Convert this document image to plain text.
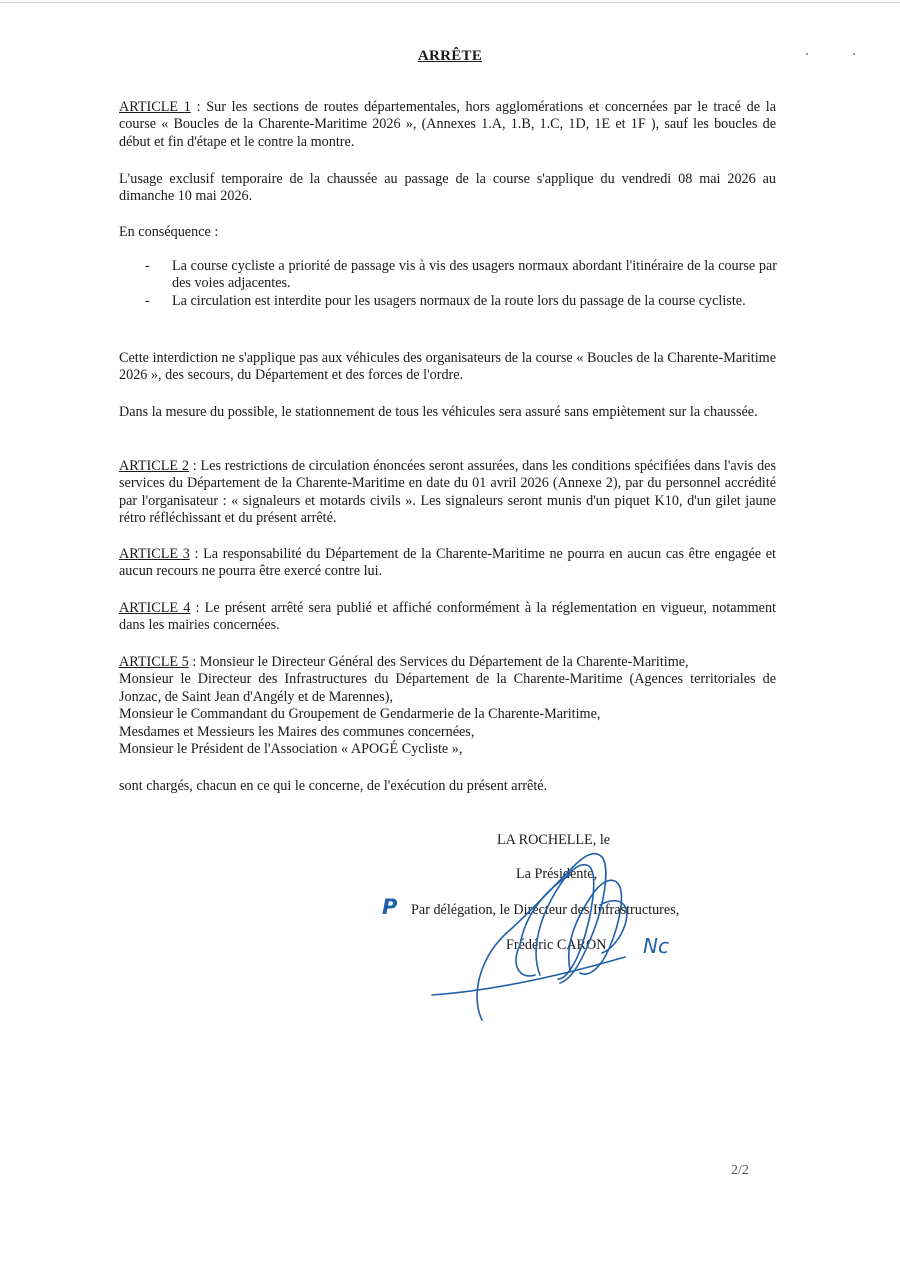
ARRÊTE

ARTICLE 1 : Sur les sections de routes départementales, hors agglomérations et concernées par le tracé de la course « Boucles de la Charente-Maritime 2026 », (Annexes 1.A, 1.B, 1.C, 1D, 1E et 1F ), sauf les boucles de début et fin d'étape et le contre la montre.

L'usage exclusif temporaire de la chaussée au passage de la course s'applique du vendredi 08 mai 2026 au dimanche 10 mai 2026.

En conséquence :

- La course cycliste a priorité de passage vis à vis des usagers normaux abordant l'itinéraire de la course par des voies adjacentes.
- La circulation est interdite pour les usagers normaux de la route lors du passage de la course cycliste.

Cette interdiction ne s'applique pas aux véhicules des organisateurs de la course « Boucles de la Charente-Maritime 2026 », des secours, du Département et des forces de l'ordre.

Dans la mesure du possible, le stationnement de tous les véhicules sera assuré sans empiètement sur la chaussée.

ARTICLE 2 : Les restrictions de circulation énoncées seront assurées, dans les conditions spécifiées dans l'avis des services du Département de la Charente-Maritime en date du 01 avril 2026 (Annexe 2), par du personnel accrédité par l'organisateur : « signaleurs et motards civils ». Les signaleurs seront munis d'un piquet K10, d'un gilet jaune rétro réfléchissant et du présent arrêté.

ARTICLE 3 : La responsabilité du Département de la Charente-Maritime ne pourra en aucun cas être engagée et aucun recours ne pourra être exercé contre lui.

ARTICLE 4 : Le présent arrêté sera publié et affiché conformément à la réglementation en vigueur, notamment dans les mairies concernées.

ARTICLE 5 : Monsieur le Directeur Général des Services du Département de la Charente-Maritime,
Monsieur le Directeur des Infrastructures du Département de la Charente-Maritime (Agences territoriales de Jonzac, de Saint Jean d'Angély et de Marennes),
Monsieur le Commandant du Groupement de Gendarmerie de la Charente-Maritime,
Mesdames et Messieurs les Maires des communes concernées,
Monsieur le Président de l'Association « APOGÉ Cycliste »,

sont chargés, chacun en ce qui le concerne, de l'exécution du présent arrêté.

LA ROCHELLE, le
La Présidente,
P Par délégation, le Directeur des Infrastructures,
Frédéric CARON Nc
2/2
